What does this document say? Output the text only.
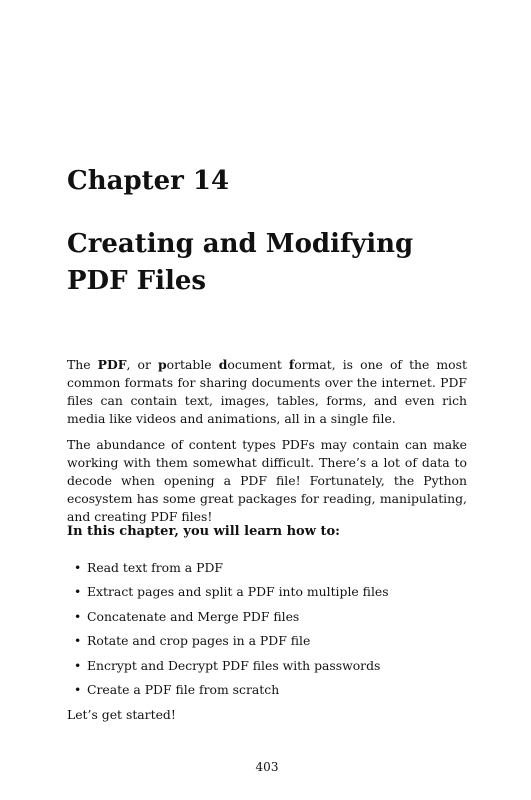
Chapter 14
Creating and Modifying PDF Files

The PDF, or portable document format, is one of the most common formats for sharing documents over the internet. PDF files can contain text, images, tables, forms, and even rich media like videos and animations, all in a single file.

The abundance of content types PDFs may contain can make working with them somewhat difficult. There’s a lot of data to decode when opening a PDF file! Fortunately, the Python ecosystem has some great packages for reading, manipulating, and creating PDF files!

In this chapter, you will learn how to:

• Read text from a PDF
• Extract pages and split a PDF into multiple files
• Concatenate and Merge PDF files
• Rotate and crop pages in a PDF file
• Encrypt and Decrypt PDF files with passwords
• Create a PDF file from scratch

Let’s get started!

403
